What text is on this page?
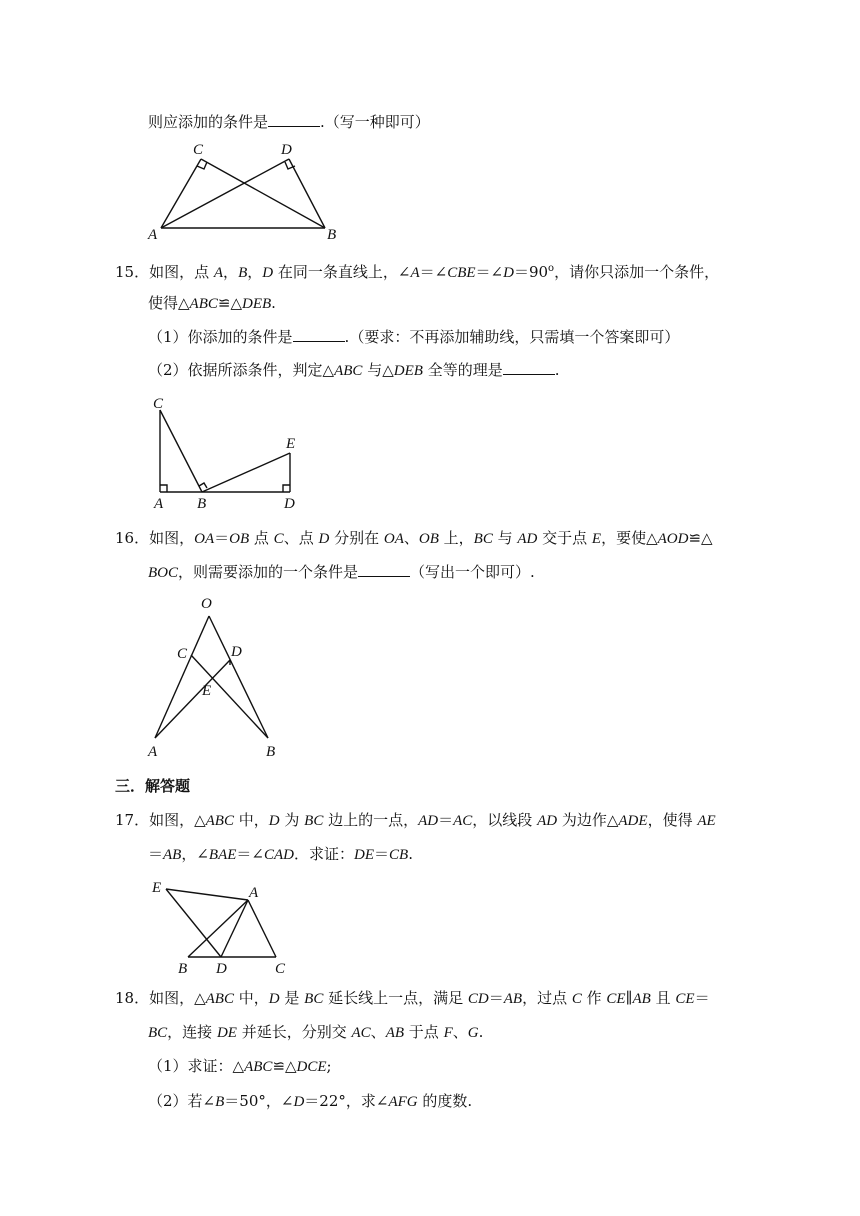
则应添加的条件是	.（写一种即可）
C	D
A	B
15．如图，点 A，B，D 在同一条直线上，$\angle A=\angle CBE=\angle D=90^o$，请你只添加一个条件，
使得△ABC≌△DEB.
（1）你添加的条件是	.（要求：不再添加辅助线，只需填一个答案即可）
（2）依据所添条件，判定△ABC 与△DEB 全等的理是	.
C
E
A B	D
16．如图，OA＝OB 点 C、点 D 分别在 OA、OB 上，BC 与 AD 交于点 E，要使△AOD≌△
BOC，则需要添加的一个条件是	（写出一个即可）.
O
C	D
E
A	B
三．解答题
17．如图，△ABC 中，D 为 BC 边上的一点，AD＝AC，以线段 AD 为边作△ADE，使得 AE
＝AB，∠BAE＝∠CAD．求证：DE＝CB.
E	A
B D	C
18．如图，△ABC 中，D 是 BC 延长线上一点，满足 CD＝AB，过点 C 作 CE∥AB 且 CE＝
BC，连接 DE 并延长，分别交 AC、AB 于点 F、G.
（1）求证：△ABC≌△DCE;
（2）若∠B＝50°，∠D＝22°，求∠AFG 的度数.
